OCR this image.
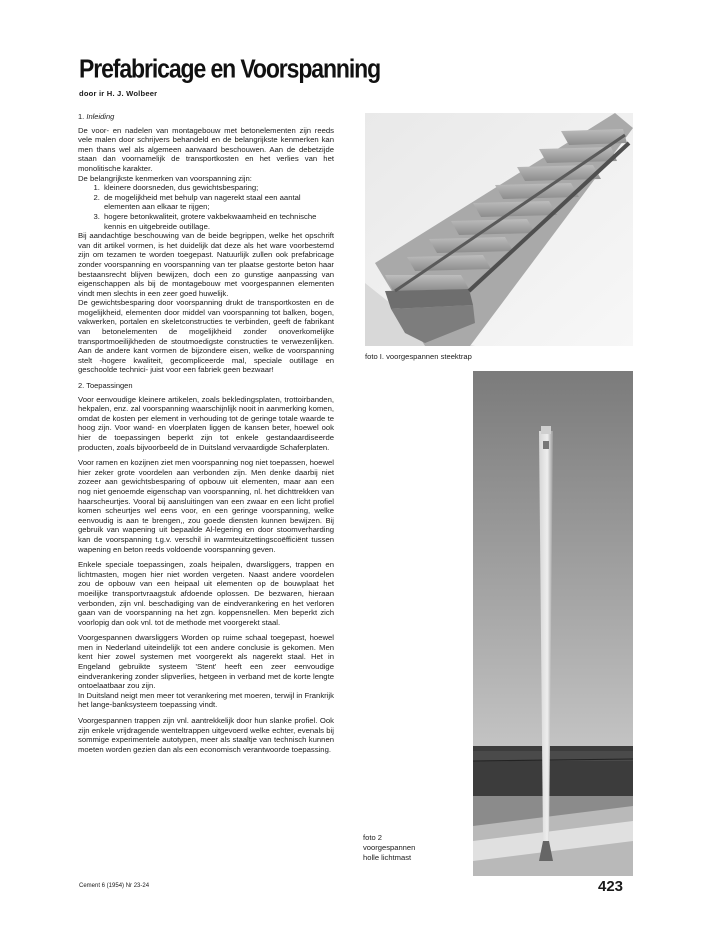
Prefabricage en Voorspanning
door ir H. J. Wolbeer
1. Inleiding

De voor- en nadelen van montagebouw met betonelementen zijn reeds vele malen door schrijvers behandeld en de belangrijkste kenmerken kan men thans wel als algemeen aanvaard beschouwen. Aan de debetzijde staan dan voornamelijk de transportkosten en het verlies van het monolitische karakter.

De belangrijkste kenmerken van voorspanning zijn:

1. kleinere doorsneden, dus gewichtsbesparing;
2. de mogelijkheid met behulp van nagerekt staal een aantal elementen aan elkaar te rijgen;
3. hogere betonkwaliteit, grotere vakbekwaamheid en technische kennis en uitgebreide outillage.

Bij aandachtige beschouwing van de beide begrippen, welke het opschrift van dit artikel vormen, is het duidelijk dat deze als het ware voorbestemd zijn om tezamen te worden toegepast. Natuurlijk zullen ook prefabricage zonder voorspanning en voorspanning van ter plaatse gestorte beton haar bestaansrecht blijven bewijzen, doch een zo gunstige aanpassing van eigenschappen als bij de montagebouw met voorgespannen elementen vindt men slechts in een zeer goed huwelijk.

De gewichtsbesparing door voorspanning drukt de transportkosten en de mogelijkheid, elementen door middel van voorspanning tot balken, bogen, vakwerken, portalen en skeletconstructies te verbinden, geeft de fabrikant van betonelementen de mogelijkheid zonder onoverkomelijke transportmoeilijkheden de stoutmoedigste constructies te verwezenlijken. Aan de andere kant vormen de bijzondere eisen, welke de voorspanning stelt -hogere kwaliteit, gecompliceerde mal, speciale outillage en geschoolde technici- juist voor een fabriek geen bezwaar!

2. Toepassingen

Voor eenvoudige kleinere artikelen, zoals bekledingsplaten, trottoirbanden, hekpalen, enz. zal voorspanning waarschijnlijk nooit in aanmerking komen, omdat de kosten per element in verhouding tot de geringe totale waarde te hoog zijn. Voor wand- en vloerplaten liggen de kansen beter, hoewel ook hier de toepassingen beperkt zijn tot enkele gestandaardiseerde producten, zoals bijvoorbeeld de in Duitsland vervaardigde Schaferplaten.

Voor ramen en kozijnen ziet men voorspanning nog niet toepassen, hoewel hier zeker grote voordelen aan verbonden zijn. Men denke daarbij niet zozeer aan gewichtsbesparing of opbouw uit elementen, maar aan een nog niet genoemde eigenschap van voorspanning, nl. het dichttrekken van haarscheurtjes. Vooral bij aansluitingen van een zwaar en een licht profiel komen scheurtjes wel eens voor, en een geringe voorspanning, welke eenvoudig is aan te brengen,, zou goede diensten kunnen bewijzen. Bij gebruik van wapening uit bepaalde Al-legering en door stoomverharding kan de voorspanning t.g.v. verschil in warmteuitzettingscoëfficiënt tussen wapening en beton reeds voldoende voorspanning geven.

Enkele speciale toepassingen, zoals heipalen, dwarsliggers, trappen en lichtmasten, mogen hier niet worden vergeten. Naast andere voordelen zou de opbouw van een heipaal uit elementen op de bouwplaat het moeilijke transportvraagstuk afdoende oplossen. De bezwaren, hieraan verbonden, zijn vnl. beschadiging van de eindverankering en het verloren gaan van de voorspanning na het zgn. koppensnellen. Men beperkt zich voorlopig dan ook vnl. tot de methode met voorgerekt staal.

Voorgespannen dwarsliggers Worden op ruime schaal toegepast, hoewel men in Nederland uiteindelijk tot een andere conclusie is gekomen. Men kent hier zowel systemen met voorgerekt als nagerekt staal. Het in Engeland gebruikte systeem 'Stent' heeft een zeer eenvoudige eindverankering zonder slipverlies, hetgeen in verband met de korte lengte ontoelaatbaar zou zijn.

In Duitsland neigt men meer tot verankering met moeren, terwijl in Frankrijk het lange-banksysteem toepassing vindt.

Voorgespannen trappen zijn vnl. aantrekkelijk door hun slanke profiel. Ook zijn enkele vrijdragende wenteltrappen uitgevoerd welke echter, evenals bij sommige experimentele autotypen, meer als staaltje van technisch kunnen moeten worden gezien dan als een economisch verantwoorde toepassing.

foto I. voorgespannen steektrap
foto 2
voorgespannen
holle lichtmast
Cement 6 (1954) Nr 23-24	423
